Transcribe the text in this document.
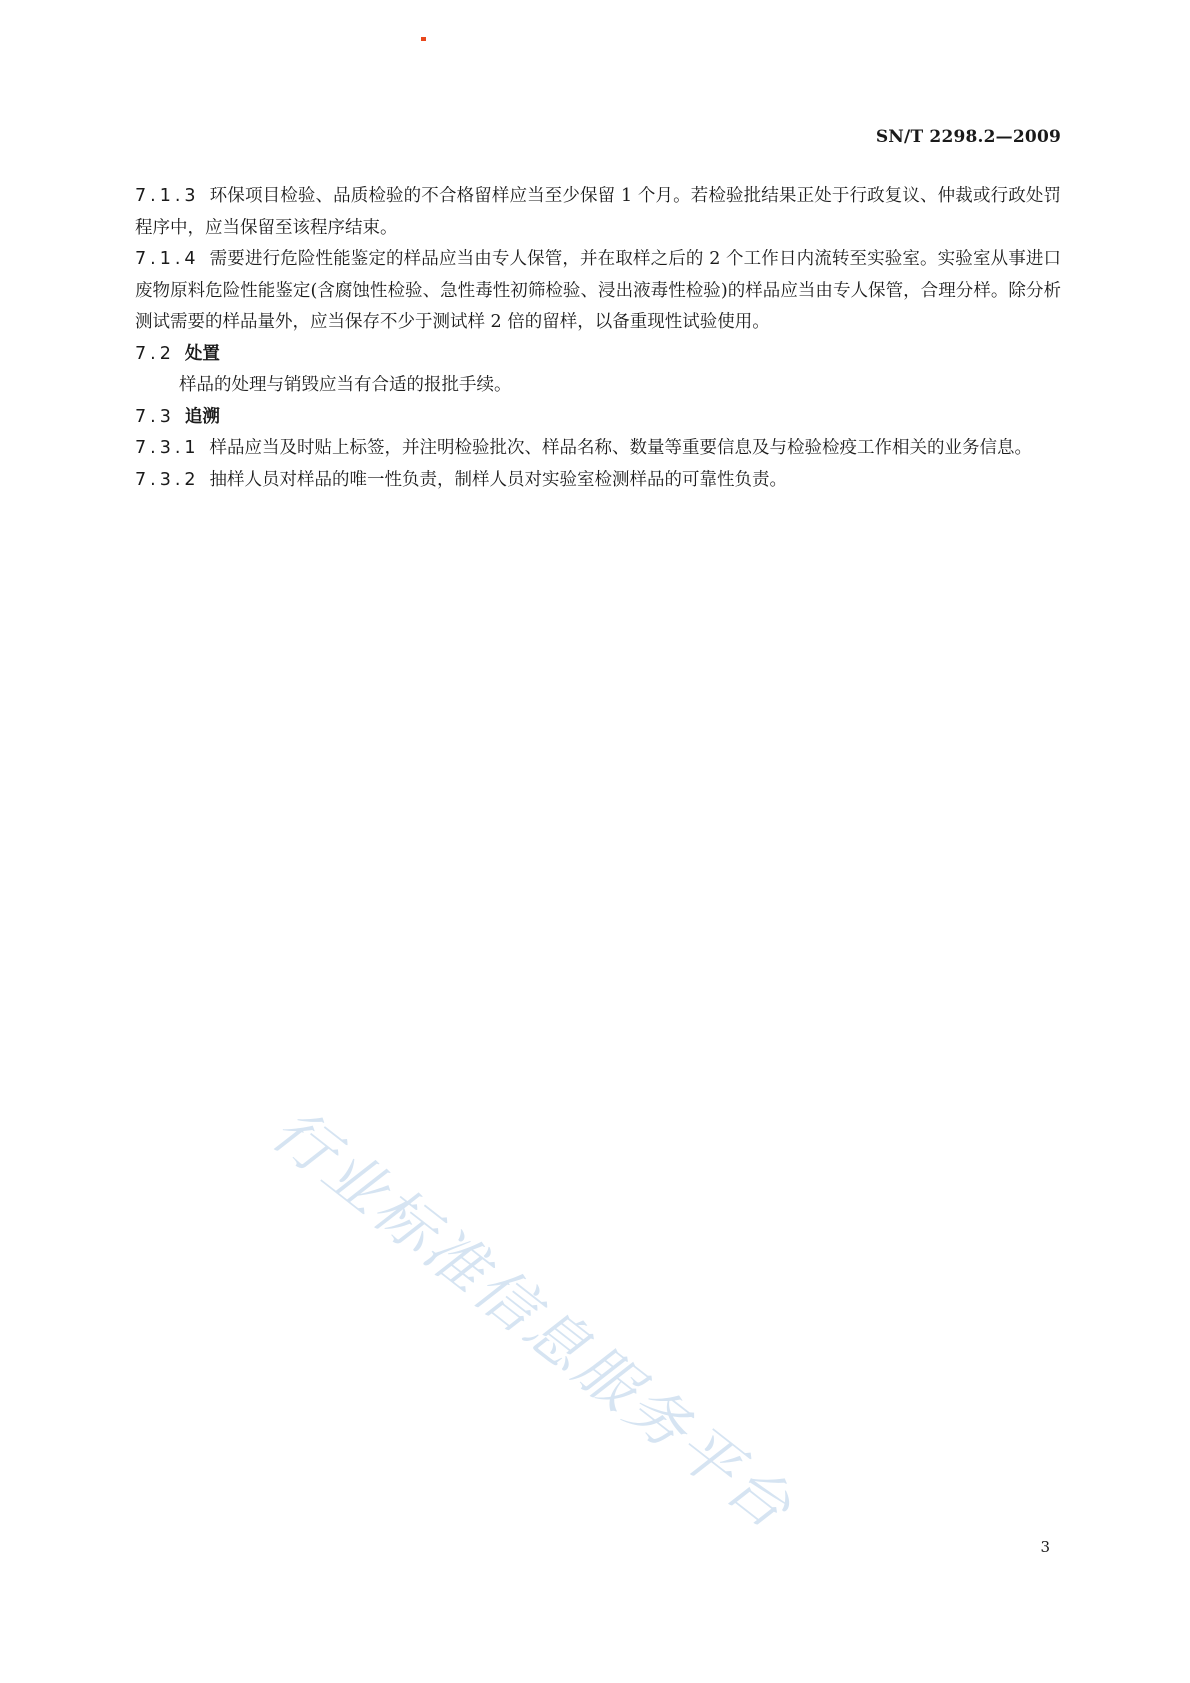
SN/T 2298.2—2009

7.1.3 环保项目检验、品质检验的不合格留样应当至少保留 1 个月。若检验批结果正处于行政复议、仲裁或行政处罚程序中，应当保留至该程序结束。

7.1.4 需要进行危险性能鉴定的样品应当由专人保管，并在取样之后的 2 个工作日内流转至实验室。实验室从事进口废物原料危险性能鉴定(含腐蚀性检验、急性毒性初筛检验、浸出液毒性检验)的样品应当由专人保管，合理分样。除分析测试需要的样品量外，应当保存不少于测试样 2 倍的留样，以备重现性试验使用。

7.2 处置

样品的处理与销毁应当有合适的报批手续。

7.3 追溯

7.3.1 样品应当及时贴上标签，并注明检验批次、样品名称、数量等重要信息及与检验检疫工作相关的业务信息。

7.3.2 抽样人员对样品的唯一性负责，制样人员对实验室检测样品的可靠性负责。

行业标准信息服务平台
3
